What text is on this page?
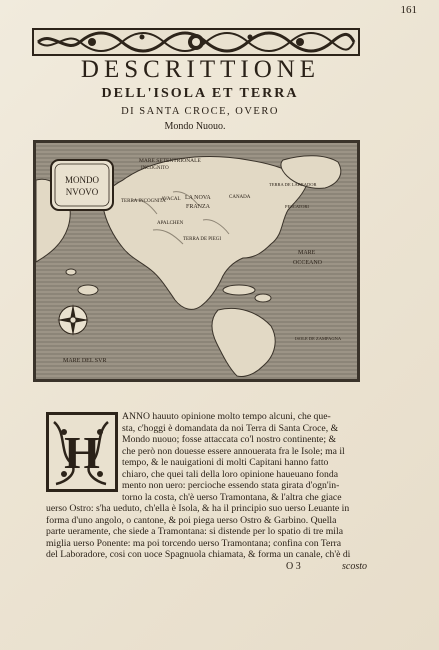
161
DESCRITTIONE
DELL'ISOLA ET TERRA
DI SANTA CROCE, OVERO
Mondo Nuouo.
MONDO
NVOVO
MARE SETENTRIONALE
INCOGNITO
TERRA INCOGNITA
AVACAL LA NOVA
FRANZA
APALCHEN
CANADA
TERRA DE LABRADOR
TERRA DE PIEGI
MARE
OCCEANO
MARE DEL SVR
PESCATORI
ISOLE DE ZAMPAGNA
H
ANNO hauuto opinione molto tempo alcuni, che que-
sta, c'hoggi è domandata da noi Terra di Santa Croce, &
Mondo nuouo; fosse attaccata co'l nostro continente; &
che però non douesse essere annouerata fra le Isole; ma il
tempo, & le nauigationi di molti Capitani hanno fatto
chiaro, che quei tali della loro opinione haueuano fonda
mento non uero: percioche essendo stata girata d'ogn'in-
torno la costa, ch'è uerso Tramontana, & l'altra che giace
uerso Ostro: s'ha ueduto, ch'ella è Isola, & ha il principio suo uerso Leuante in
forma d'uno angolo, o cantone, & poi piega uerso Ostro & Garbino. Quella
parte ueramente, che siede a Tramontana: si distende per lo spatio di tre mila
miglia uerso Ponente: ma poi torcendo uerso Tramontana; confina con Terra
del Laboradore, cosi con uoce Spagnuola chiamata, & forma un canale, ch'è di
O 3	scosto
